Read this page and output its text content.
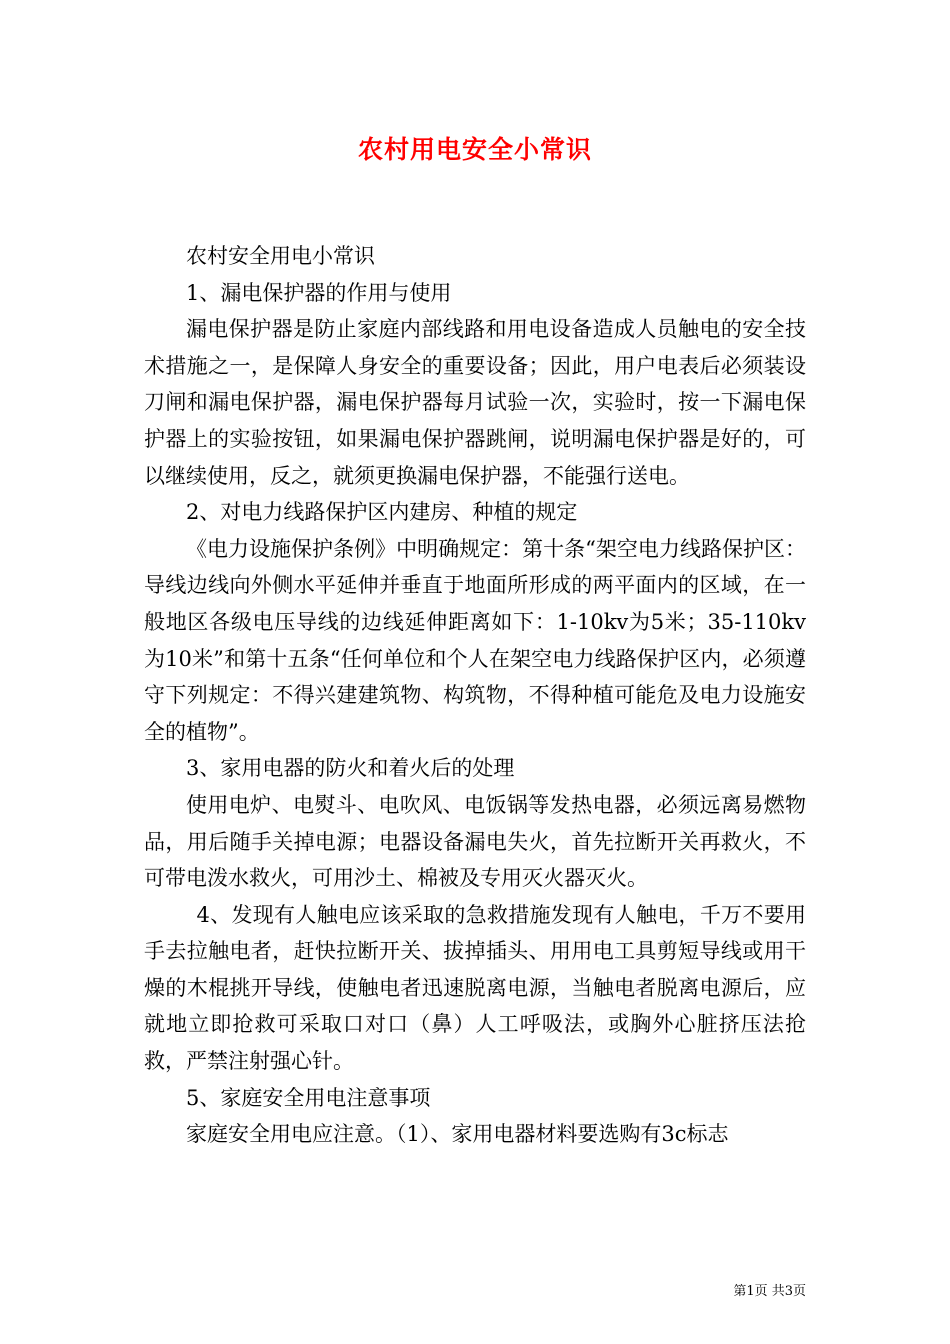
农村用电安全小常识

农村安全用电小常识

1、漏电保护器的作用与使用

漏电保护器是防止家庭内部线路和用电设备造成人员触电的安全技术措施之一，是保障人身安全的重要设备；因此，用户电表后必须装设刀闸和漏电保护器，漏电保护器每月试验一次，实验时，按一下漏电保护器上的实验按钮，如果漏电保护器跳闸，说明漏电保护器是好的，可以继续使用，反之，就须更换漏电保护器，不能强行送电。

2、对电力线路保护区内建房、种植的规定

《电力设施保护条例》中明确规定：第十条“架空电力线路保护区：导线边线向外侧水平延伸并垂直于地面所形成的两平面内的区域，在一般地区各级电压导线的边线延伸距离如下：1-10kv为5米；35-110kv为10米”和第十五条“任何单位和个人在架空电力线路保护区内，必须遵守下列规定：不得兴建建筑物、构筑物，不得种植可能危及电力设施安全的植物”。

3、家用电器的防火和着火后的处理

使用电炉、电熨斗、电吹风、电饭锅等发热电器，必须远离易燃物品，用后随手关掉电源；电器设备漏电失火，首先拉断开关再救火，不可带电泼水救火，可用沙土、棉被及专用灭火器灭火。

4、发现有人触电应该采取的急救措施发现有人触电，千万不要用手去拉触电者，赶快拉断开关、拔掉插头、用用电工具剪短导线或用干燥的木棍挑开导线，使触电者迅速脱离电源，当触电者脱离电源后，应就地立即抢救可采取口对口（鼻）人工呼吸法，或胸外心脏挤压法抢救，严禁注射强心针。

5、家庭安全用电注意事项

家庭安全用电应注意。（1）、家用电器材料要选购有3c标志

第1页 共3页
